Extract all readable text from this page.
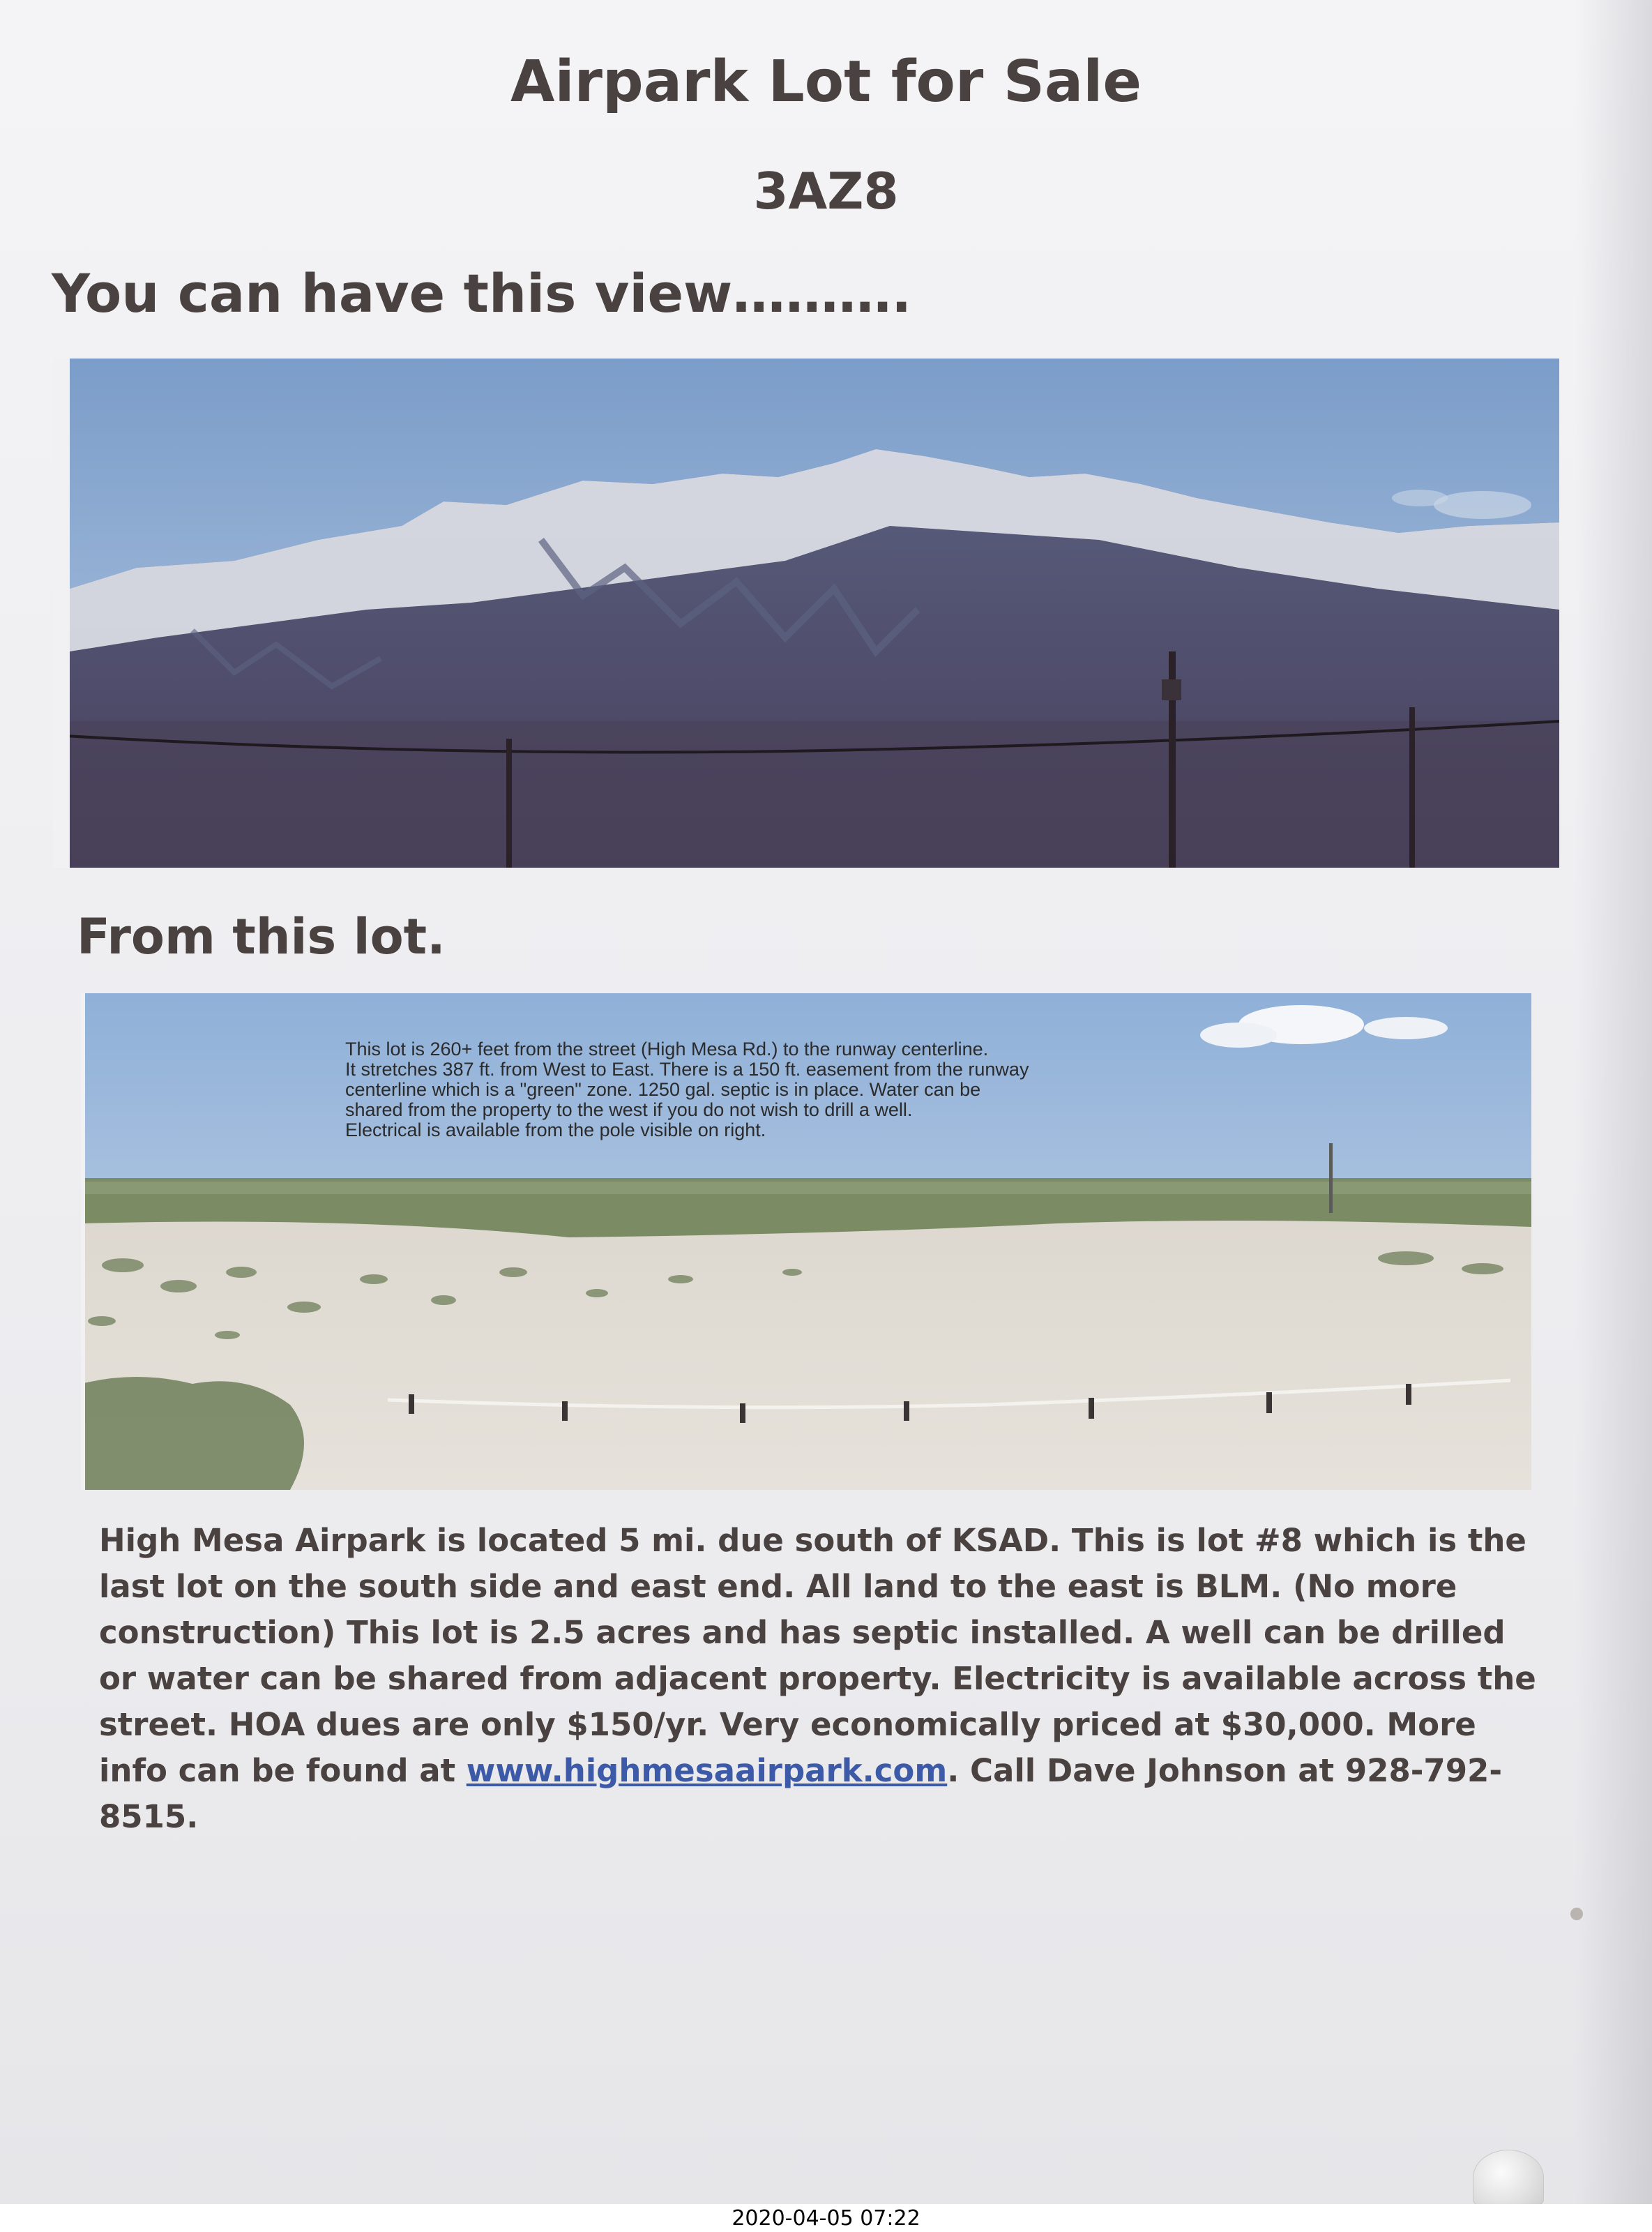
Airpark Lot for Sale
3AZ8
You can have this view……….
From this lot.
This lot is 260+ feet from the street (High Mesa Rd.) to the runway centerline.
It stretches 387 ft. from West to East. There is a 150 ft. easement from the runway
centerline which is a "green" zone. 1250 gal. septic is in place. Water can be
shared from the property to the west if you do not wish to drill a well.
Electrical is available from the pole visible on right.
High Mesa Airpark is located 5 mi. due south of KSAD. This is lot #8 which is the last lot on the south side and east end. All land to the east is BLM. (No more construction) This lot is 2.5 acres and has septic installed. A well can be drilled or water can be shared from adjacent property. Electricity is available across the street. HOA dues are only $150/yr. Very economically priced at $30,000. More info can be found at www.highmesaairpark.com. Call Dave Johnson at 928-792-8515.
2020-04-05 07:22
